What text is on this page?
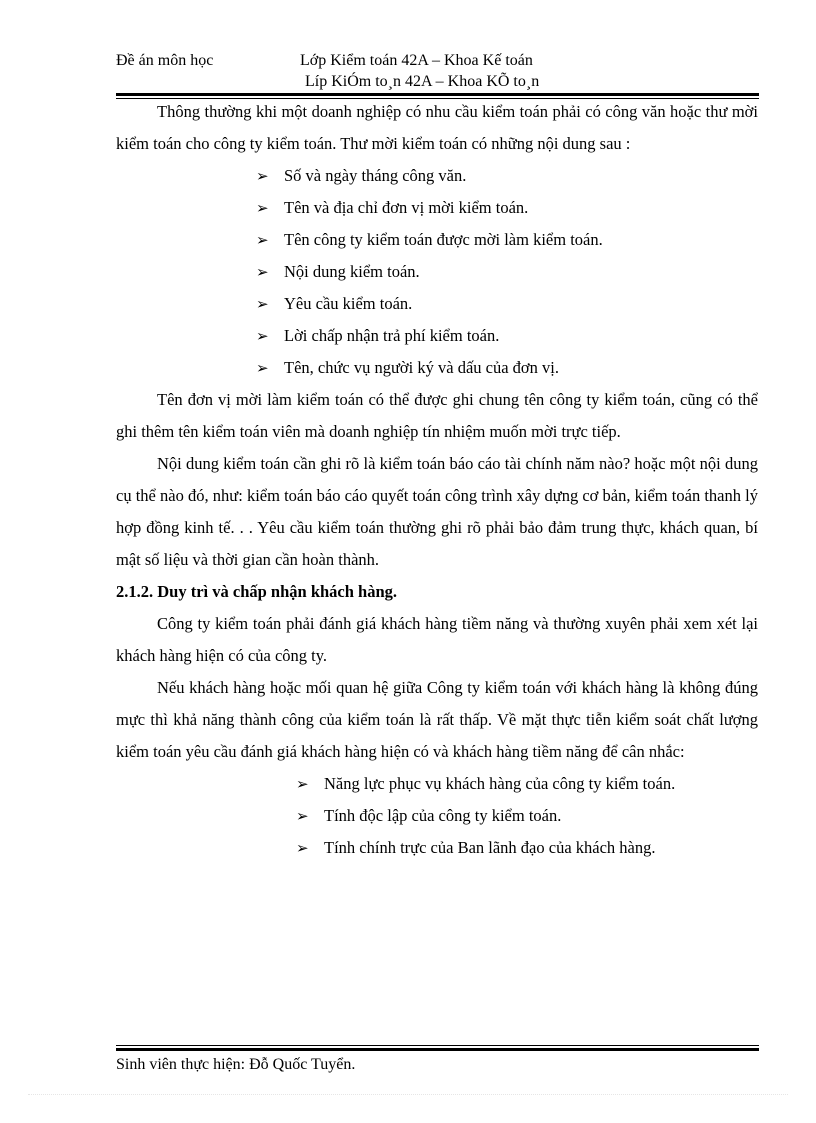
Đề án môn học	Lớp Kiểm toán 42A – Khoa Kế toán
Líp KiÓm to¸n 42A – Khoa KÕ to¸n

Thông thường khi một doanh nghiệp có nhu cầu kiểm toán phải có công văn hoặc thư mời kiểm toán cho công ty kiểm toán. Thư mời kiểm toán có những nội dung sau :

➢ Số và ngày tháng công văn.
➢ Tên và địa chỉ đơn vị mời kiểm toán.
➢ Tên công ty kiểm toán được mời làm kiểm toán.
➢ Nội dung kiểm toán.
➢ Yêu cầu kiểm toán.
➢ Lời chấp nhận trả phí kiểm toán.
➢ Tên, chức vụ người ký và dấu của đơn vị.

Tên đơn vị mời làm kiểm toán có thể được ghi chung tên công ty kiểm toán, cũng có thể ghi thêm tên kiểm toán viên mà doanh nghiệp tín nhiệm muốn mời trực tiếp.

Nội dung kiểm toán cần ghi rõ là kiểm toán báo cáo tài chính năm nào? hoặc một nội dung cụ thể nào đó, như: kiểm toán báo cáo quyết toán công trình xây dựng cơ bản, kiểm toán thanh lý hợp đồng kinh tế. . . Yêu cầu kiểm toán thường ghi rõ phải bảo đảm trung thực, khách quan, bí mật số liệu và thời gian cần hoàn thành.

2.1.2. Duy trì và chấp nhận khách hàng.

Công ty kiểm toán phải đánh giá khách hàng tiềm năng và thường xuyên phải xem xét lại khách hàng hiện có của công ty.

Nếu khách hàng hoặc mối quan hệ giữa Công ty kiểm toán với khách hàng là không đúng mực thì khả năng thành công của kiểm toán là rất thấp. Về mặt thực tiễn kiểm soát chất lượng kiểm toán yêu cầu đánh giá khách hàng hiện có và khách hàng tiềm năng để cân nhắc:

➢ Năng lực phục vụ khách hàng của công ty kiểm toán.
➢ Tính độc lập của công ty kiểm toán.
➢ Tính chính trực của Ban lãnh đạo của khách hàng.
Sinh viên thực hiện: Đỗ Quốc Tuyển.
